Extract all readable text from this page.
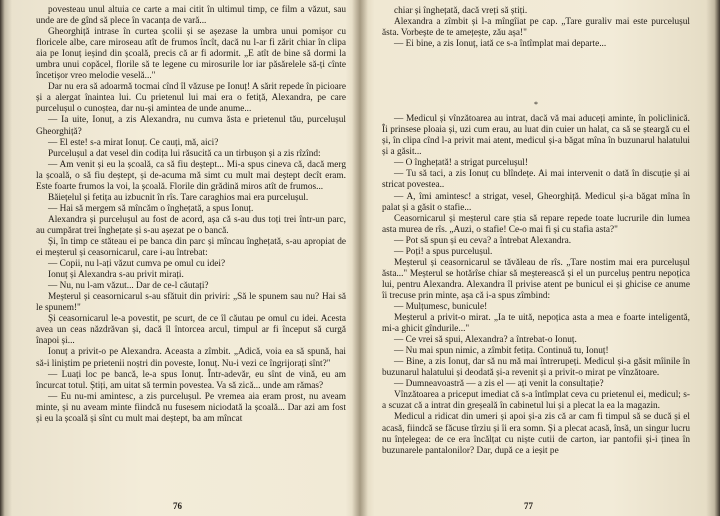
povesteau unul altuia ce carte a mai citit în ultimul timp, ce film a văzut, sau unde are de gînd să plece în vacanța de vară...

Gheorghiță intrase în curtea școlii și se așezase la umbra unui pomișor cu floricele albe, care miroseau atît de frumos încît, dacă nu l-ar fi zărit chiar în clipa aia pe Ionuț ieșind din școală, precis că ar fi adormit. „E atît de bine să dormi la umbra unui copăcel, florile să te legene cu mirosurile lor iar păsărelele să-ți cînte încetișor vreo melodie veselă..."

Dar nu era să adoarmă tocmai cînd îl văzuse pe Ionuț! A sărit repede în picioare și a alergat înaintea lui. Cu prietenul lui mai era o fetiță, Alexandra, pe care purcelușul o cunoștea, dar nu-și amintea de unde anume...

— Ia uite, Ionuț, a zis Alexandra, nu cumva ăsta e prietenul tău, purcelușul Gheorghiță?

— El este! s-a mirat Ionuț. Ce cauți, mă, aici?

Purcelușul a dat vesel din codița lui răsucită ca un tirbușon și a zis rîzînd:

— Am venit și eu la școală, ca să fiu deștept... Mi-a spus cineva că, dacă merg la școală, o să fiu deștept, și de-acuma mă simt cu mult mai deștept decît eram. Este foarte frumos la voi, la școală. Florile din grădină miros atît de frumos...

Băiețelul și fetița au izbucnit în rîs. Tare caraghios mai era purcelușul.

— Hai să mergem să mîncăm o înghețată, a spus Ionuț.

Alexandra și purcelușul au fost de acord, așa că s-au dus toți trei într-un parc, au cumpărat trei înghețate și s-au așezat pe o bancă.

Și, în timp ce stăteau ei pe banca din parc și mîncau înghețată, s-au apropiat de ei meșterul și ceasornicarul, care i-au întrebat:

— Copii, nu l-ați văzut cumva pe omul cu idei?

Ionuț și Alexandra s-au privit mirați.

— Nu, nu l-am văzut... Dar de ce-l căutați?

Meșterul și ceasornicarul s-au sfătuit din priviri: „Să le spunem sau nu? Hai să le spunem!"

Și ceasornicarul le-a povestit, pe scurt, de ce îl căutau pe omul cu idei. Acesta avea un ceas năzdrăvan și, dacă îl întorcea arcul, timpul ar fi început să curgă înapoi și...

Ionuț a privit-o pe Alexandra. Aceasta a zîmbit. „Adică, voia ea să spună, hai să-i liniștim pe prietenii noștri din poveste, Ionuț. Nu-i vezi ce îngrijorați sînt?"

— Luați loc pe bancă, le-a spus Ionuț. Într-adevăr, eu sînt de vină, eu am încurcat totul. Știți, am uitat să termin povestea. Va să zică... unde am rămas?

— Eu nu-mi amintesc, a zis purcelușul. Pe vremea aia eram prost, nu aveam minte, și nu aveam minte fiindcă nu fusesem niciodată la școală... Dar azi am fost și eu la școală și sînt cu mult mai deștept, ba am mîncat

76

chiar și înghețată, dacă vreți să știți.

Alexandra a zîmbit și l-a mîngîiat pe cap. „Tare guraliv mai este purcelușul ăsta. Vorbește de te amețește, zău așa!"

— Ei bine, a zis Ionuț, iată ce s-a întîmplat mai departe...

*

— Medicul și vînzătoarea au intrat, dacă vă mai aduceți aminte, în policlinică. Îi prinsese ploaia și, uzi cum erau, au luat din cuier un halat, ca să se șteargă cu el și, în clipa cînd l-a privit mai atent, medicul și-a băgat mîna în buzunarul halatului și a găsit...

— O înghețată! a strigat purcelușul!

— Tu să taci, a zis Ionuț cu blîndețe. Ai mai intervenit o dată în discuție și ai stricat povestea..

— A, îmi amintesc! a strigat, vesel, Gheorghiță. Medicul și-a băgat mîna în palat și a găsit o stafie...

Ceasornicarul și meșterul care știa să repare repede toate lucrurile din lumea asta murea de rîs. „Auzi, o stafie! Ce-o mai fi și cu stafia asta?"

— Pot să spun și eu ceva? a întrebat Alexandra.

— Poți! a spus purcelușul.

Meșterul și ceasornicarul se tăvăleau de rîs. „Tare nostim mai era purcelușul ăsta..." Meșterul se hotărîse chiar să meșterească și el un purceluș pentru nepoțica lui, pentru Alexandra. Alexandra îl privise atent pe bunicul ei și ghicise ce anume îi trecuse prin minte, așa că i-a spus zîmbind:

— Mulțumesc, bunicule!

Meșterul a privit-o mirat. „Ia te uită, nepoțica asta a mea e foarte inteligentă, mi-a ghicit gîndurile..."

— Ce vrei să spui, Alexandra? a întrebat-o Ionuț.

— Nu mai spun nimic, a zîmbit fetița. Continuă tu, Ionuț!

— Bine, a zis Ionuț, dar să nu mă mai întrerupeți. Medicul și-a găsit mîinile în buzunarul halatului și deodată și-a revenit și a privit-o mirat pe vînzătoare.

— Dumneavoastră — a zis el — ați venit la consultație?

Vînzătoarea a priceput imediat că s-a întîmplat ceva cu prietenul ei, medicul; s-a scuzat că a intrat din greșeală în cabinetul lui și a plecat la ea la magazin.

Medicul a ridicat din umeri și apoi și-a zis că ar cam fi timpul să se ducă și el acasă, fiindcă se făcuse tîrziu și îi era somn. Și a plecat acasă, însă, un singur lucru nu înțelegea: de ce era încălțat cu niște cutii de carton, iar pantofii și-i ținea în buzunarele pantalonilor? Dar, după ce a ieșit pe

77
